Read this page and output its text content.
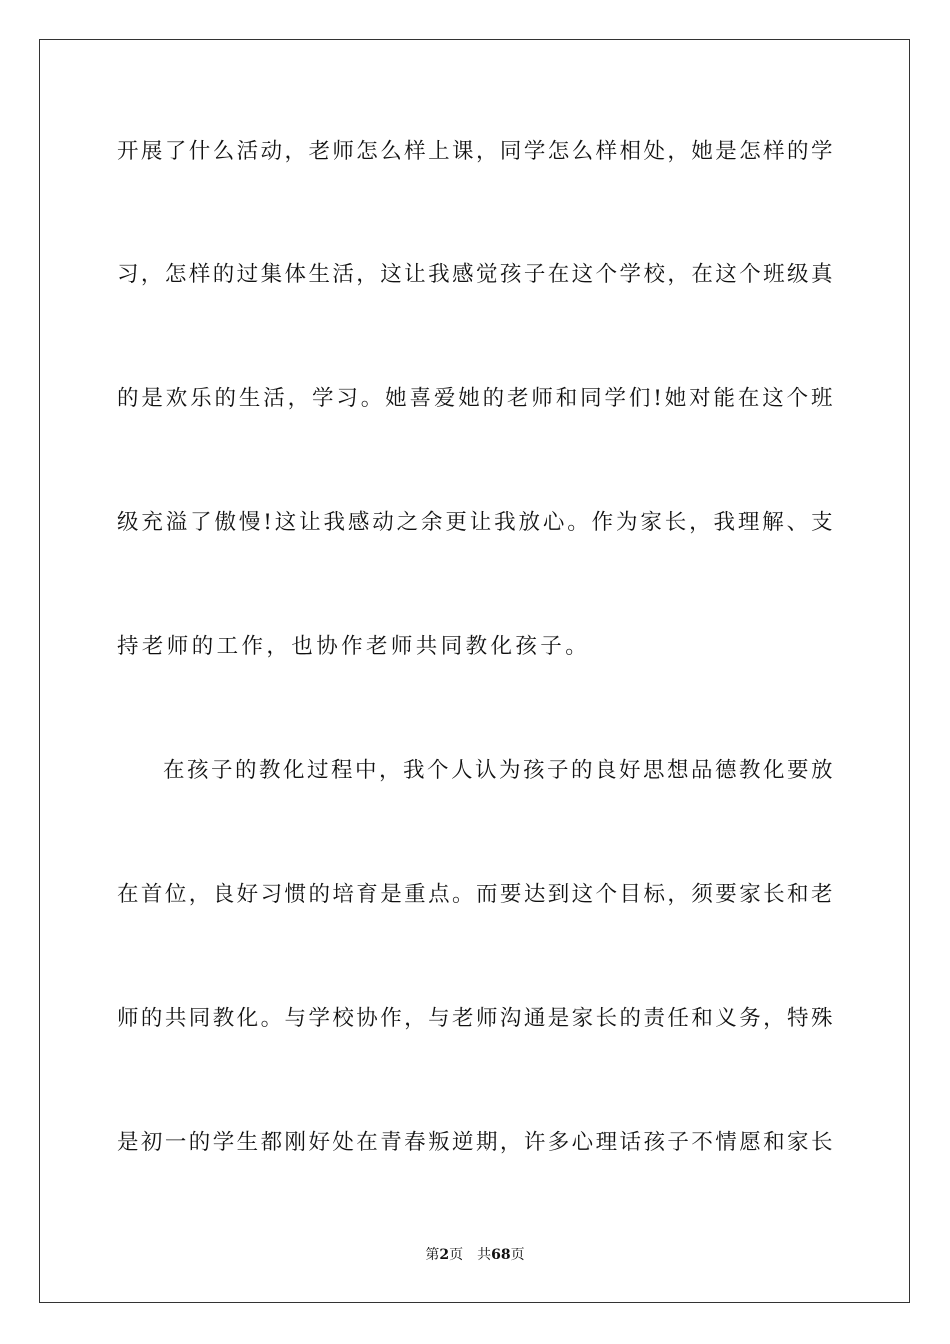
开展了什么活动，老师怎么样上课，同学怎么样相处，她是怎样的学
习，怎样的过集体生活，这让我感觉孩子在这个学校，在这个班级真
的是欢乐的生活，学习。她喜爱她的老师和同学们!她对能在这个班
级充溢了傲慢!这让我感动之余更让我放心。作为家长，我理解、支
持老师的工作，也协作老师共同教化孩子。
在孩子的教化过程中，我个人认为孩子的良好思想品德教化要放
在首位，良好习惯的培育是重点。而要达到这个目标，须要家长和老
师的共同教化。与学校协作，与老师沟通是家长的责任和义务，特殊
是初一的学生都刚好处在青春叛逆期，许多心理话孩子不情愿和家长
第2页 共68页
